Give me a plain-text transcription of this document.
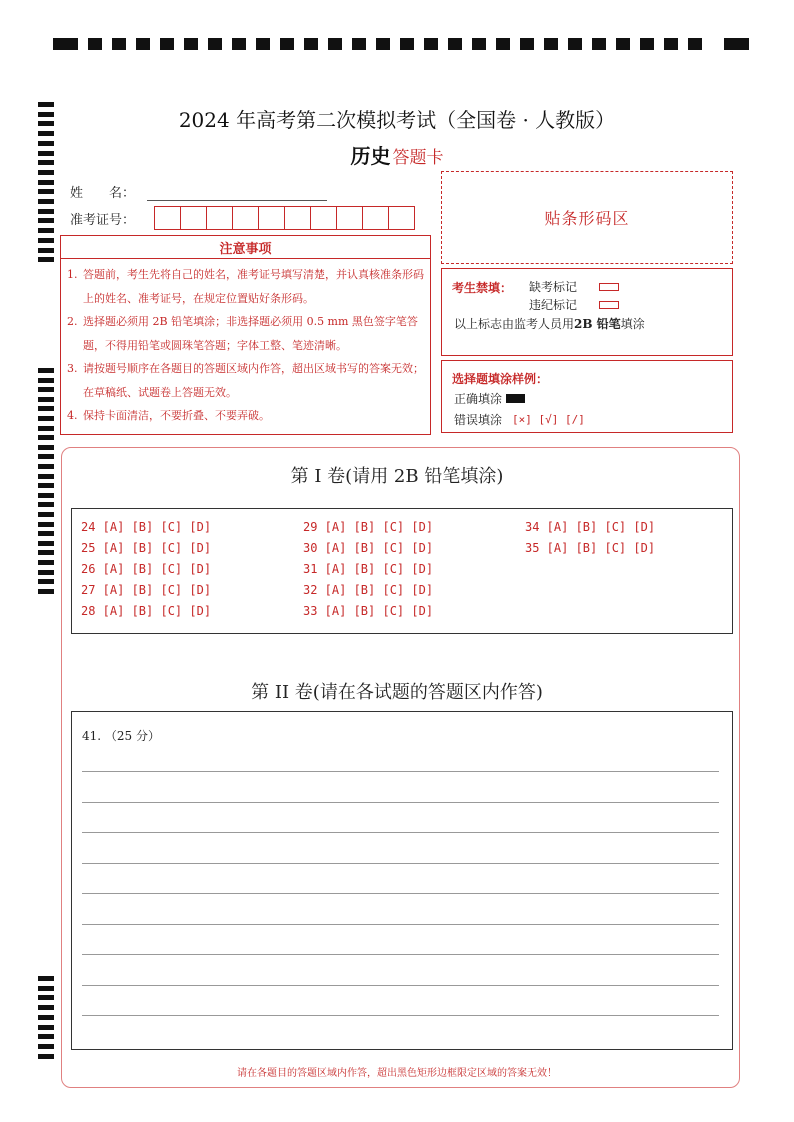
2024 年高考第二次模拟考试（全国卷 · 人教版）
历史 答题卡
姓　　名：
准考证号：	贴条形码区
注意事项
1. 答题前，考生先将自己的姓名，准考证号填写清楚，并认真核准条形码上的姓名、准考证号，在规定位置贴好条形码。
2. 选择题必须用 2B 铅笔填涂；非选择题必须用 0.5 mm 黑色签字笔答题，不得用铅笔或圆珠笔答题；字体工整、笔迹清晰。
3. 请按题号顺序在各题目的答题区域内作答，超出区域书写的答案无效；在草稿纸、试题卷上答题无效。
4. 保持卡面清洁，不要折叠、不要弄破。
考生禁填： 缺考标记
违纪标记
以上标志由监考人员用2B 铅笔填涂
选择题填涂样例：
正确填涂
错误填涂 [×] [√] [/]
第 I 卷(请用 2B 铅笔填涂)
24 [A] [B] [C] [D]
25 [A] [B] [C] [D]
26 [A] [B] [C] [D]
27 [A] [B] [C] [D]
28 [A] [B] [C] [D]
29 [A] [B] [C] [D]
30 [A] [B] [C] [D]
31 [A] [B] [C] [D]
32 [A] [B] [C] [D]
33 [A] [B] [C] [D]
34 [A] [B] [C] [D]
35 [A] [B] [C] [D]
第 II 卷(请在各试题的答题区内作答)
41. （25 分）
请在各题目的答题区域内作答，超出黑色矩形边框限定区域的答案无效！
